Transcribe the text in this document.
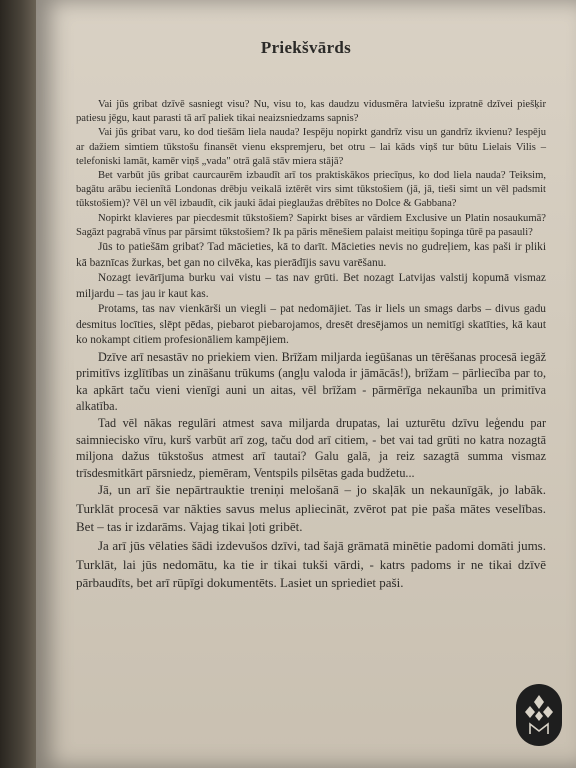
Priekšvārds

Vai jūs gribat dzīvē sasniegt visu? Nu, visu to, kas daudzu vidusmēra latviešu izpratnē dzīvei piešķir patiesu jēgu, kaut parasti tā arī paliek tikai neaizsniedzams sapnis?

Vai jūs gribat varu, ko dod tiešām liela nauda? Iespēju nopirkt gandrīz visu un gandrīz ikvienu? Iespēju ar dažiem simtiem tūkstošu finansēt vienu ekspremjeru, bet otru – lai kāds viņš tur būtu Lielais Vilis – telefoniski lamāt, kamēr viņš „vada" otrā galā stāv miera stājā?

Bet varbūt jūs gribat caurcaurēm izbaudīt arī tos praktiskākos priecīņus, ko dod liela nauda? Teiksim, bagātu arābu iecienītā Londonas drēbju veikalā iztērēt virs simt tūkstošiem (jā, jā, tieši simt un vēl padsmit tūkstošiem)? Vēl un vēl izbaudīt, cik jauki ādai pieglaužas drēbītes no Dolce & Gabbana?

Nopirkt klavieres par piecdesmit tūkstošiem? Sapirkt bises ar vārdiem Exclusive un Platin nosaukumā? Sagāzt pagrabā vīnus par pārsimt tūkstošiem? Ik pa pāris mēnešiem palaist meitiņu šopinga tūrē pa pasauli?

Jūs to patiešām gribat? Tad mācieties, kā to darīt. Mācieties nevis no gudreļiem, kas paši ir pliki kā baznīcas žurkas, bet gan no cilvēka, kas pierādījis savu varēšanu.

Nozagt ievārījuma burku vai vistu – tas nav grūti. Bet nozagt Latvijas valstij kopumā vismaz miljardu – tas jau ir kaut kas.

Protams, tas nav vienkārši un viegli – pat nedomājiet. Tas ir liels un smags darbs – divus gadu desmitus locīties, slēpt pēdas, piebarot piebarojamos, dresēt dresējamos un nemitīgi skatīties, kā kaut ko nokampt citiem profesionāliem kampējiem.

Dzīve arī nesastāv no priekiem vien. Brīžam miljarda iegūšanas un tērēšanas procesā iegāž primitīvs izglītības un zināšanu trūkums (angļu valoda ir jāmācās!), brīžam – pārliecība par to, ka apkārt taču vieni vienīgi auni un aitas, vēl brīžam - pārmērīga nekaunība un primitīva alkatība.

Tad vēl nākas regulāri atmest sava miljarda drupatas, lai uzturētu dzīvu leģendu par saimniecisko vīru, kurš varbūt arī zog, taču dod arī citiem, - bet vai tad grūti no katra nozagtā miljona dažus tūkstošus atmest arī tautai? Galu galā, ja reiz sazagtā summa vismaz trīsdesmitkārt pārsniedz, piemēram, Ventspils pilsētas gada budžetu...

Jā, un arī šie nepārtrauktie treniņi melošanā – jo skaļāk un nekaunīgāk, jo labāk. Turklāt procesā var nākties savus melus apliecināt, zvērot pat pie paša mātes veselības. Bet – tas ir izdarāms. Vajag tikai ļoti gribēt.

Ja arī jūs vēlaties šādi izdevušos dzīvi, tad šajā grāmatā minētie padomi domāti jums. Turklāt, lai jūs nedomātu, ka tie ir tikai tukši vārdi, - katrs padoms ir ne tikai dzīvē pārbaudīts, bet arī rūpīgi dokumentēts. Lasiet un spriediet paši.
